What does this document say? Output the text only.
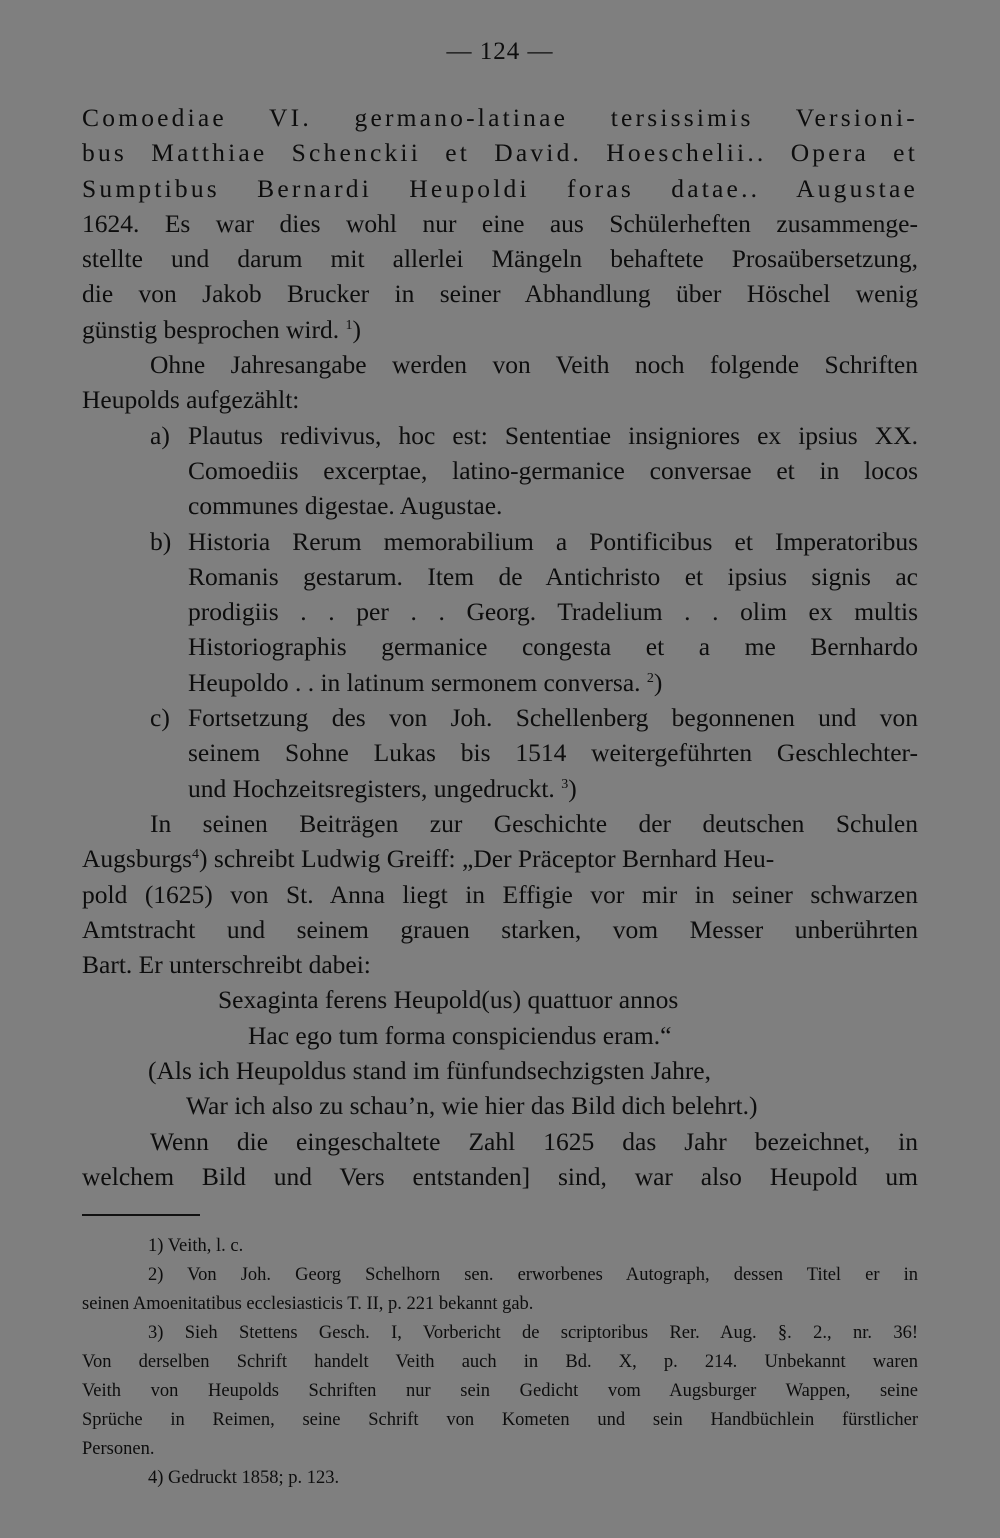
— 124 —
Comoediae VI. germano-latinae tersissimis Versioni-
bus Matthiae Schenckii et David. Hoeschelii.. Opera et
Sumptibus Bernardi Heupoldi foras datae.. Augustae
1624. Es war dies wohl nur eine aus Schülerheften zusammenge-
stellte und darum mit allerlei Mängeln behaftete Prosaübersetzung,
die von Jakob Brucker in seiner Abhandlung über Höschel wenig
günstig besprochen wird. $^1$)
Ohne Jahresangabe werden von Veith noch folgende Schriften
Heupolds aufgezählt:
a) Plautus redivivus, hoc est: Sententiae insigniores ex ipsius XX.
Comoediis excerptae, latino-germanice conversae et in locos
communes digestae. Augustae.
b) Historia Rerum memorabilium a Pontificibus et Imperatoribus
Romanis gestarum. Item de Antichristo et ipsius signis ac
prodigiis . . per . . Georg. Tradelium . . olim ex multis
Historiographis germanice congesta et a me Bernhardo
Heupoldo . . in latinum sermonem conversa. $^2$)
c) Fortsetzung des von Joh. Schellenberg begonnenen und von
seinem Sohne Lukas bis 1514 weitergeführten Geschlechter-
und Hochzeitsregisters, ungedruckt. $^3$)
In seinen Beiträgen zur Geschichte der deutschen Schulen
Augsburgs$^4$) schreibt Ludwig Greiff: „Der Präceptor Bernhard Heu-
pold (1625) von St. Anna liegt in Effigie vor mir in seiner schwarzen
Amtstracht und seinem grauen starken, vom Messer unberührten
Bart. Er unterschreibt dabei:
Sexaginta ferens Heupold(us) quattuor annos
Hac ego tum forma conspiciendus eram.“
(Als ich Heupoldus stand im fünfundsechzigsten Jahre,
War ich also zu schau’n, wie hier das Bild dich belehrt.)
Wenn die eingeschaltete Zahl 1625 das Jahr bezeichnet, in
welchem Bild und Vers entstanden] sind, war also Heupold um
1) Veith, l. c.
2) Von Joh. Georg Schelhorn sen. erworbenes Autograph, dessen Titel er in
seinen Amoenitatibus ecclesiasticis T. II, p. 221 bekannt gab.
3) Sieh Stettens Gesch. I, Vorbericht de scriptoribus Rer. Aug. §. 2., nr. 36!
Von derselben Schrift handelt Veith auch in Bd. X, p. 214. Unbekannt waren
Veith von Heupolds Schriften nur sein Gedicht vom Augsburger Wappen, seine
Sprüche in Reimen, seine Schrift von Kometen und sein Handbüchlein fürstlicher
Personen.
4) Gedruckt 1858; p. 123.
